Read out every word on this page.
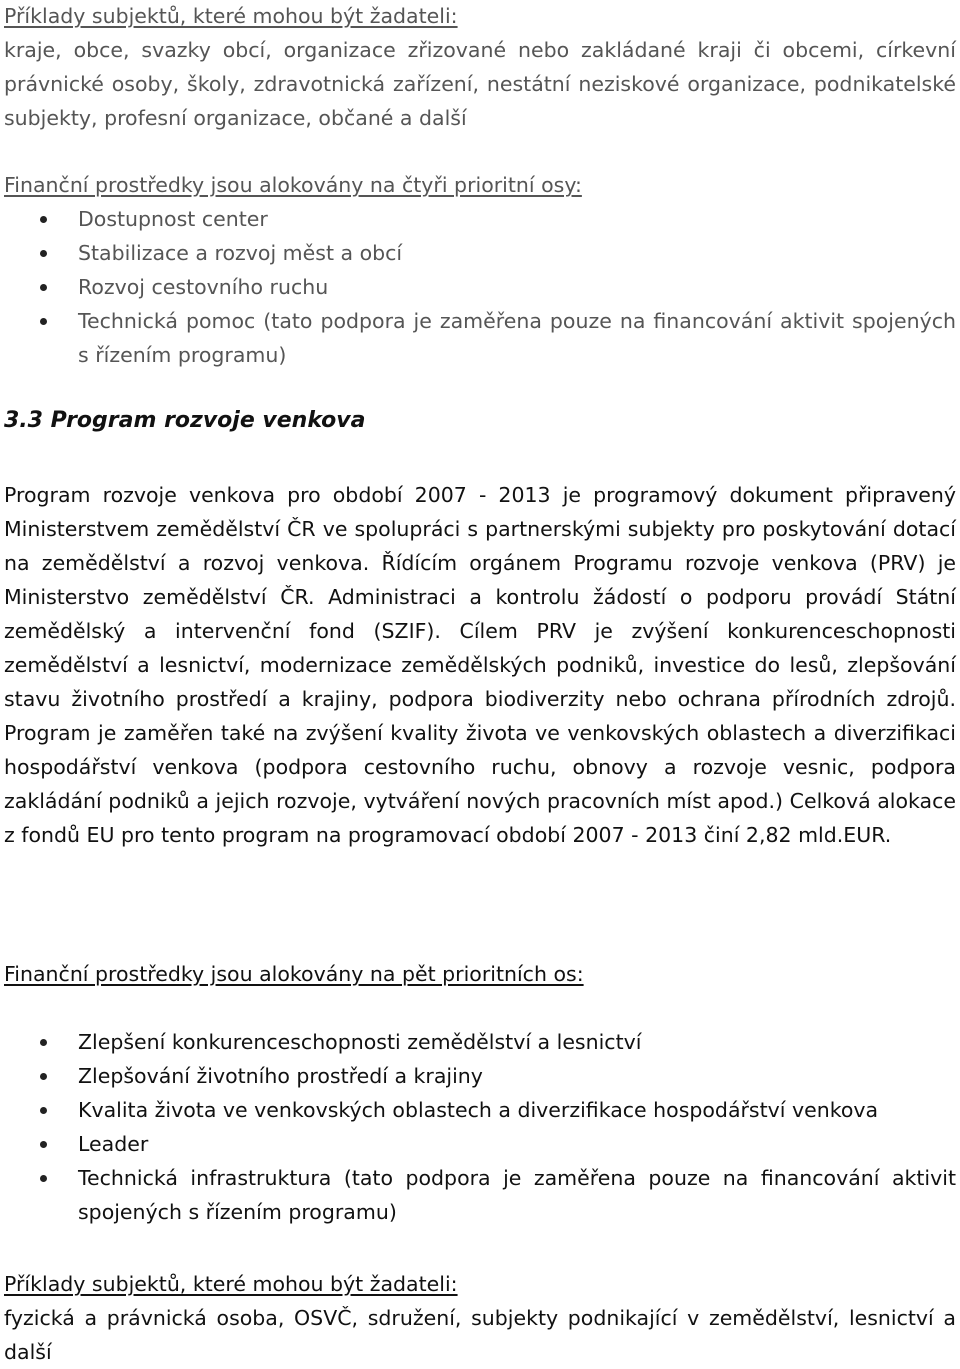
Příklady subjektů, které mohou být žadateli:
kraje, obce, svazky obcí, organizace zřizované nebo zakládané kraji či obcemi, církevní právnické osoby, školy, zdravotnická zařízení, nestátní neziskové organizace, podnikatelské subjekty, profesní organizace, občané a další
Finanční prostředky jsou alokovány na čtyři prioritní osy:
Dostupnost center
Stabilizace a rozvoj měst a obcí
Rozvoj cestovního ruchu
Technická pomoc (tato podpora je zaměřena pouze na financování aktivit spojených s řízením programu)
3.3 Program rozvoje venkova
Program rozvoje venkova pro období 2007 - 2013 je programový dokument připravený Ministerstvem zemědělství ČR ve spolupráci s partnerskými subjekty pro poskytování dotací na zemědělství a rozvoj venkova. Řídícím orgánem Programu rozvoje venkova (PRV) je Ministerstvo zemědělství ČR. Administraci a kontrolu žádostí o podporu provádí Státní zemědělský a intervenční fond (SZIF). Cílem PRV je zvýšení konkurenceschopnosti zemědělství a lesnictví, modernizace zemědělských podniků, investice do lesů, zlepšování stavu životního prostředí a krajiny, podpora biodiverzity nebo ochrana přírodních zdrojů. Program je zaměřen také na zvýšení kvality života ve venkovských oblastech a diverzifikaci hospodářství venkova (podpora cestovního ruchu, obnovy a rozvoje vesnic, podpora zakládání podniků a jejich rozvoje, vytváření nových pracovních míst apod.) Celková alokace z fondů EU pro tento program na programovací období 2007 - 2013 činí 2,82 mld.EUR.
Finanční prostředky jsou alokovány na pět prioritních os:
Zlepšení konkurenceschopnosti zemědělství a lesnictví
Zlepšování životního prostředí a krajiny
Kvalita života ve venkovských oblastech a diverzifikace hospodářství venkova
Leader
Technická infrastruktura (tato podpora je zaměřena pouze na financování aktivit spojených s řízením programu)
Příklady subjektů, které mohou být žadateli:
fyzická a právnická osoba, OSVČ, sdružení, subjekty podnikající v zemědělství, lesnictví a další
